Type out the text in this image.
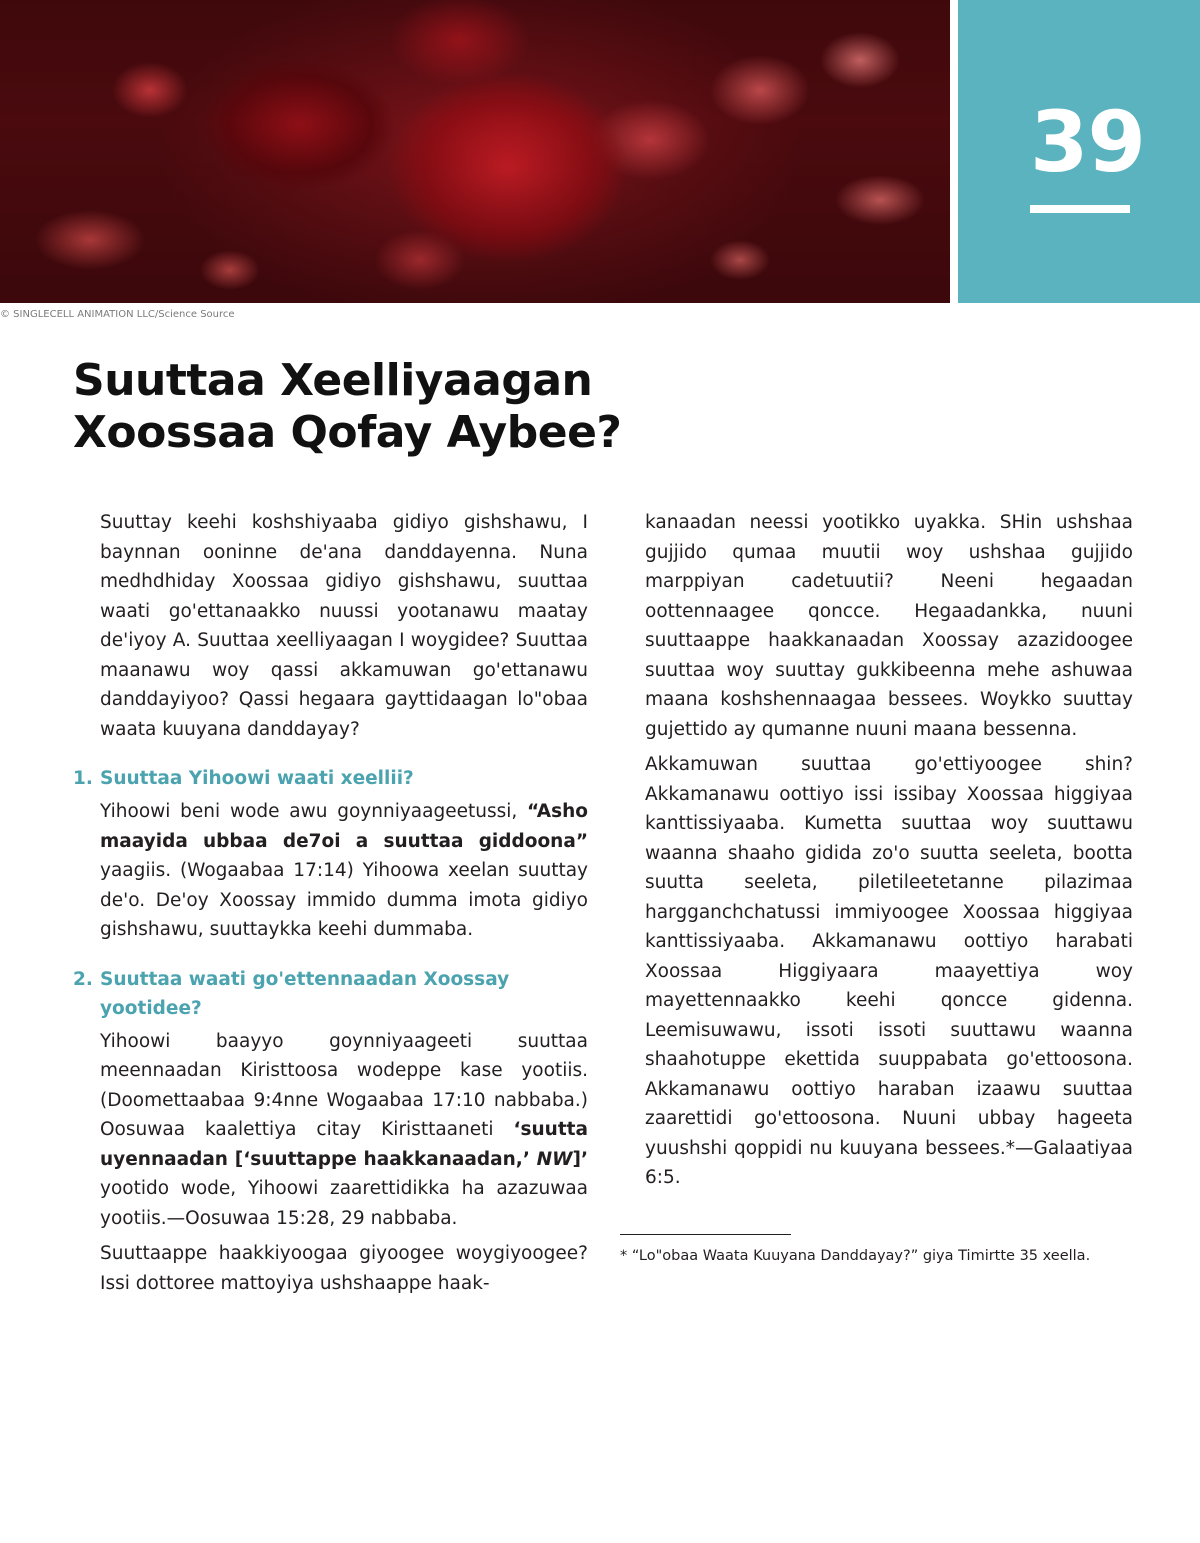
39
© SINGLECELL ANIMATION LLC/Science Source
Suuttaa Xeelliyaagan
Xoossaa Qofay Aybee?

Suuttay keehi koshshiyaaba gidiyo gishshawu, I baynnan ooninne de'ana danddayenna. Nuna medhdhiday Xoossaa gidiyo gishshawu, suuttaa waati go'ettanaakko nuussi yootanawu maatay de'iyoy A. Suuttaa xeelliyaagan I woygidee? Suuttaa maanawu woy qassi akkamuwan go'ettanawu danddayiyoo? Qassi hegaara gayttidaagan lo"obaa waata kuuyana danddayay?

1. Suuttaa Yihoowi waati xeellii?

Yihoowi beni wode awu goynniyaageetussi, “Asho maayida ubbaa de7oi a suuttaa giddoona” yaagiis. (Wogaabaa 17:14) Yihoowa xeelan suuttay de'o. De'oy Xoossay immido dumma imota gidiyo gishshawu, suuttaykka keehi dummaba.

2. Suuttaa waati go'ettennaadan Xoossay yootidee?

Yihoowi baayyo goynniyaageeti suuttaa meennaadan Kiristtoosa wodeppe kase yootiis. (Doomettaabaa 9:4nne Wogaabaa 17:10 nabbaba.) Oosuwaa kaalettiya citay Kiristtaaneti ‘suutta uyennaadan [‘suuttappe haakkanaadan,’ NW]’ yootido wode, Yihoowi zaarettidikka ha azazuwaa yootiis.—Oosuwaa 15:28, 29 nabbaba.

Suuttaappe haakkiyoogaa giyoogee woygiyoogee? Issi dottoree mattoyiya ushshaappe haak-

kanaadan neessi yootikko uyakka. SHin ushshaa gujjido qumaa muutii woy ushshaa gujjido marppiyan cadetuutii? Neeni hegaadan oottennaagee qoncce. Hegaadankka, nuuni suuttaappe haakkanaadan Xoossay azazidoogee suuttaa woy suuttay gukkibeenna mehe ashuwaa maana koshshennaagaa bessees. Woykko suuttay gujettido ay qumanne nuuni maana bessenna.

Akkamuwan suuttaa go'ettiyoogee shin? Akkamanawu oottiyo issi issibay Xoossaa higgiyaa kanttissiyaaba. Kumetta suuttaa woy suuttawu waanna shaaho gidida zo'o suutta seeleta, bootta suutta seeleta, piletileetetanne pilazimaa hargganchchatussi immiyoogee Xoossaa higgiyaa kanttissiyaaba. Akkamanawu oottiyo harabati Xoossaa Higgiyaara maayettiya woy mayettennaakko keehi qoncce gidenna. Leemisuwawu, issoti issoti suuttawu waanna shaahotuppe ekettida suuppabata go'ettoosona. Akkamanawu oottiyo haraban izaawu suuttaa zaarettidi go'ettoosona. Nuuni ubbay hageeta yuushshi qoppidi nu kuuyana bessees.*—Galaatiyaa 6:5.

* “Lo"obaa Waata Kuuyana Danddayay?” giya Timirtte 35 xeella.
